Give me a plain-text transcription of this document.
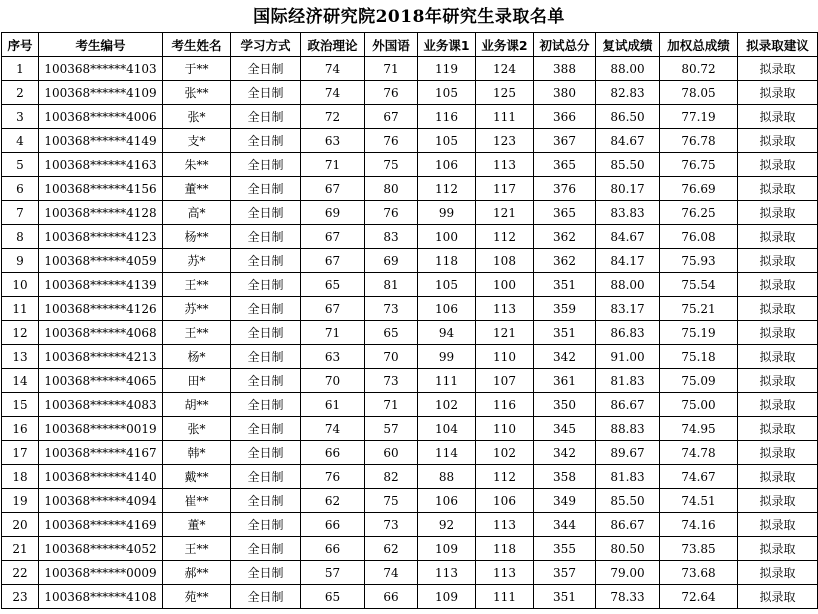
国际经济研究院2018年研究生录取名单
序号	考生编号	考生姓名	学习方式	政治理论	外国语	业务课1	业务课2	初试总分	复试成绩	加权总成绩	拟录取建议
1	100368******4103	于**	全日制	74	71	119	124	388	88.00	80.72	拟录取
2	100368******4109	张**	全日制	74	76	105	125	380	82.83	78.05	拟录取
3	100368******4006	张*	全日制	72	67	116	111	366	86.50	77.19	拟录取
4	100368******4149	支*	全日制	63	76	105	123	367	84.67	76.78	拟录取
5	100368******4163	朱**	全日制	71	75	106	113	365	85.50	76.75	拟录取
6	100368******4156	董**	全日制	67	80	112	117	376	80.17	76.69	拟录取
7	100368******4128	高*	全日制	69	76	99	121	365	83.83	76.25	拟录取
8	100368******4123	杨**	全日制	67	83	100	112	362	84.67	76.08	拟录取
9	100368******4059	苏*	全日制	67	69	118	108	362	84.17	75.93	拟录取
10	100368******4139	王**	全日制	65	81	105	100	351	88.00	75.54	拟录取
11	100368******4126	苏**	全日制	67	73	106	113	359	83.17	75.21	拟录取
12	100368******4068	王**	全日制	71	65	94	121	351	86.83	75.19	拟录取
13	100368******4213	杨*	全日制	63	70	99	110	342	91.00	75.18	拟录取
14	100368******4065	田*	全日制	70	73	111	107	361	81.83	75.09	拟录取
15	100368******4083	胡**	全日制	61	71	102	116	350	86.67	75.00	拟录取
16	100368******0019	张*	全日制	74	57	104	110	345	88.83	74.95	拟录取
17	100368******4167	韩*	全日制	66	60	114	102	342	89.67	74.78	拟录取
18	100368******4140	戴**	全日制	76	82	88	112	358	81.83	74.67	拟录取
19	100368******4094	崔**	全日制	62	75	106	106	349	85.50	74.51	拟录取
20	100368******4169	董*	全日制	66	73	92	113	344	86.67	74.16	拟录取
21	100368******4052	王**	全日制	66	62	109	118	355	80.50	73.85	拟录取
22	100368******0009	郝**	全日制	57	74	113	113	357	79.00	73.68	拟录取
23	100368******4108	苑**	全日制	65	66	109	111	351	78.33	72.64	拟录取
